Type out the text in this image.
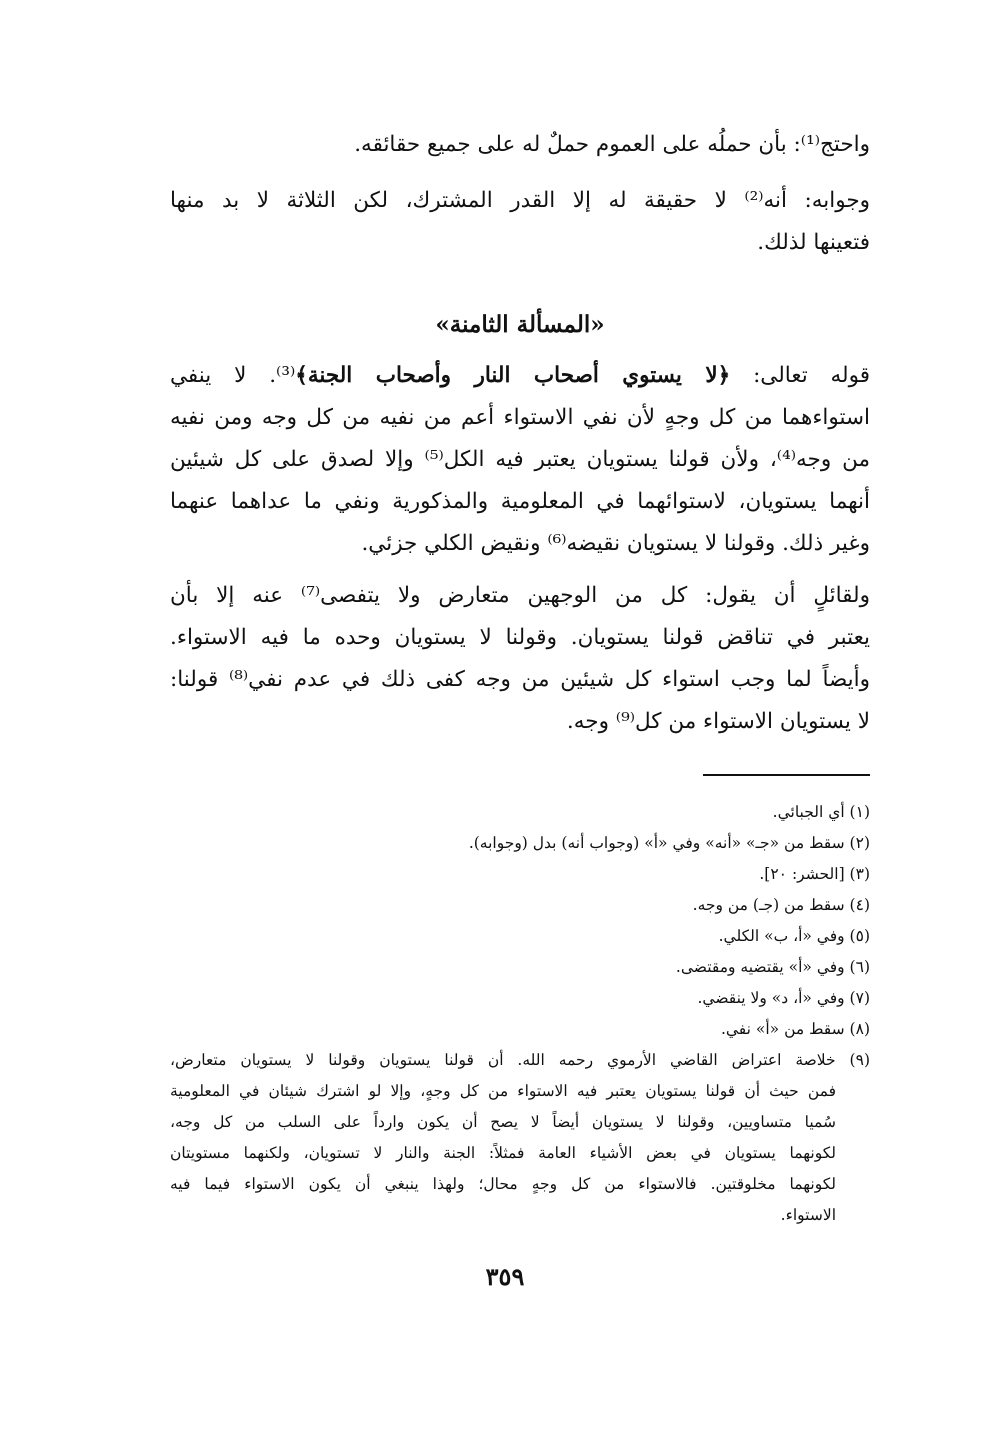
واحتج⁽¹⁾: بأن حملُه على العموم حملٌ له على جميع حقائقه.
وجوابه: أنه⁽²⁾ لا حقيقة له إلا القدر المشترك، لكن الثلاثة لا بد منها
فتعينها لذلك.
«المسألة الثامنة»
قوله تعالى: ﴿لا يستوي أصحاب النار وأصحاب الجنة﴾⁽³⁾. لا ينفي
استواءهما من كل وجهٍ لأن نفي الاستواء أعم من نفيه من كل وجه ومن نفيه
من وجه⁽⁴⁾، ولأن قولنا يستويان يعتبر فيه الكل⁽⁵⁾ وإلا لصدق على كل شيئين
أنهما يستويان، لاستوائهما في المعلومية والمذكورية ونفي ما عداهما عنهما
وغير ذلك. وقولنا لا يستويان نقيضه⁽⁶⁾ ونقيض الكلي جزئي.
ولقائلٍ أن يقول: كل من الوجهين متعارض ولا يتفصى⁽⁷⁾ عنه إلا بأن
يعتبر في تناقض قولنا يستويان. وقولنا لا يستويان وحده ما فيه الاستواء.
وأيضاً لما وجب استواء كل شيئين من وجه كفى ذلك في عدم نفي⁽⁸⁾ قولنا:
لا يستويان الاستواء من كل⁽⁹⁾ وجه.
(١) أي الجبائي.
(٢) سقط من «جـ» «أنه» وفي «أ» (وجواب أنه) بدل (وجوابه).
(٣) [الحشر: ٢٠].
(٤) سقط من (جـ) من وجه.
(٥) وفي «أ، ب» الكلي.
(٦) وفي «أ» يقتضيه ومقتضى.
(٧) وفي «أ، د» ولا ينقضي.
(٨) سقط من «أ» نفي.
(٩) خلاصة اعتراض القاضي الأرموي رحمه الله. أن قولنا يستويان وقولنا لا يستويان متعارض،
فمن حيث أن قولنا يستويان يعتبر فيه الاستواء من كل وجهٍ، وإلا لو اشترك شيئان في المعلومية
سُميا متساويين، وقولنا لا يستويان أيضاً لا يصح أن يكون وارداً على السلب من كل وجه،
لكونهما يستويان في بعض الأشياء العامة فمثلاً: الجنة والنار لا تستويان، ولكنهما مستويتان
لكونهما مخلوقتين. فالاستواء من كل وجهٍ محال؛ ولهذا ينبغي أن يكون الاستواء فيما فيه
الاستواء.
٣٥٩
